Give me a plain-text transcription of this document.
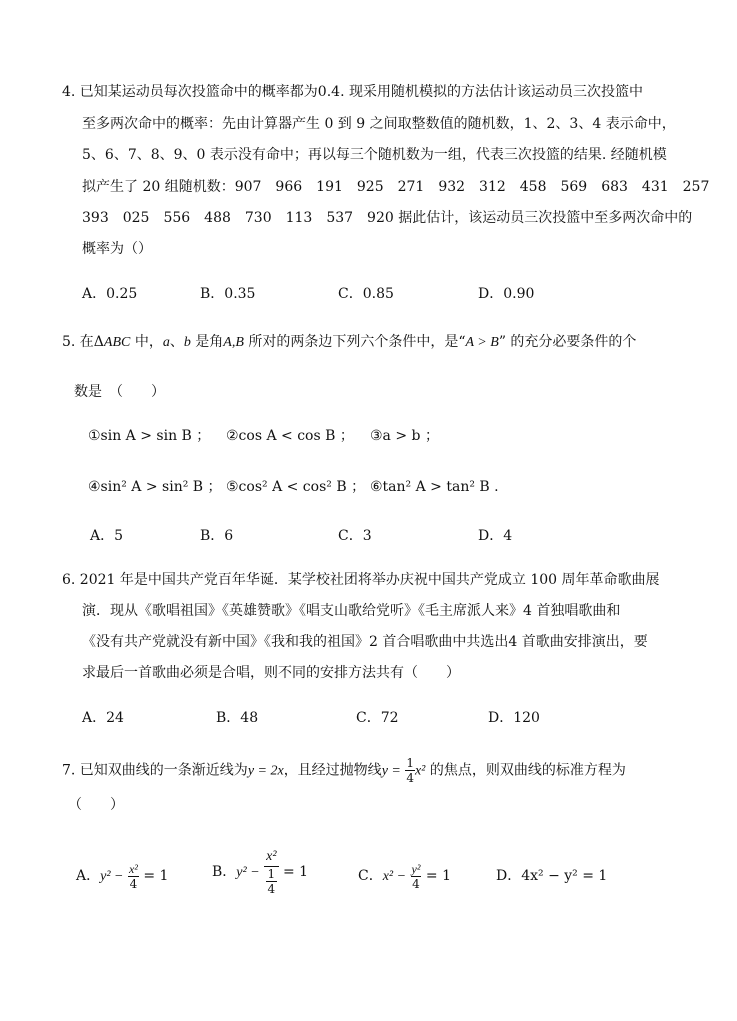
4. 已知某运动员每次投篮命中的概率都为0.4. 现采用随机模拟的方法估计该运动员三次投篮中
至多两次命中的概率：先由计算器产生 0 到 9 之间取整数值的随机数，1、2、3、4 表示命中，
5、6、7、8、9、0 表示没有命中；再以每三个随机数为一组，代表三次投篮的结果. 经随机模
拟产生了 20 组随机数：907　966　191　925　271　932　312　458　569　683　431　257
393　025　556　488　730　113　537　920 据此估计，该运动员三次投篮中至多两次命中的
概率为（）
A．0.25	B．0.35	C．0.85	D．0.90
5. 在ΔABC 中，a、b 是角A,B 所对的两条边下列六个条件中，是“A > B” 的充分必要条件的个
数是　（　　）
①sin A > sin B ； ②cos A < cos B ； ③a > b ；
④sin² A > sin² B ； ⑤cos² A < cos² B ； ⑥tan² A > tan² B .
A．5	B．6	C．3	D．4
6. 2021 年是中国共产党百年华诞．某学校社团将举办庆祝中国共产党成立 100 周年革命歌曲展
演．现从《歌唱祖国》《英雄赞歌》《唱支山歌给党听》《毛主席派人来》4 首独唱歌曲和
《没有共产党就没有新中国》《我和我的祖国》2 首合唱歌曲中共选出4 首歌曲安排演出，要
求最后一首歌曲必须是合唱，则不同的安排方法共有（　　）
A．24	B．48	C．72	D．120
7. 已知双曲线的一条渐近线为y = 2x，且经过抛物线$y = \frac{1}{4} x^2$ 的焦点，则双曲线的标准方程为
（　　）
A．$y^2 - \frac{\text{x²}}{4} = 1$	B．$y^2 - \frac{\text{x²}}{\frac{1}{4}} = 1$	C．$x^2 - \frac{\text{y²}}{4} = 1$	D．4x² − y² = 1
